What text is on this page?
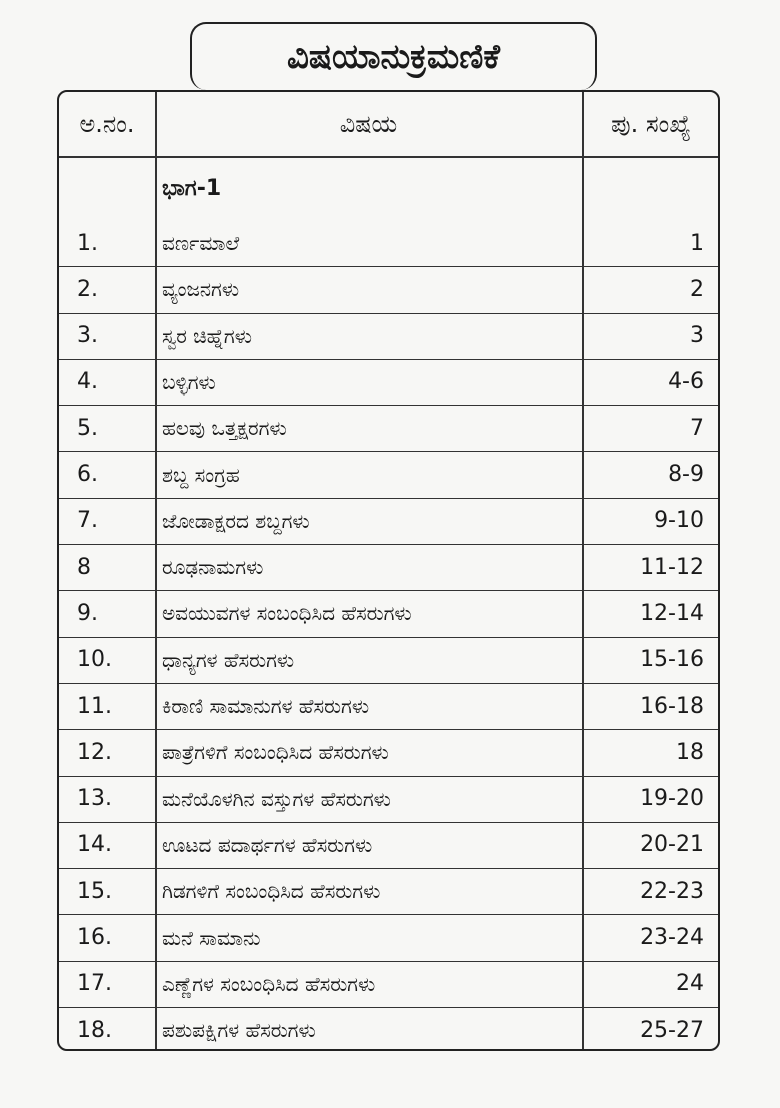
ವಿಷಯಾನುಕ್ರಮಣಿಕೆ
ಅ.ನಂ.	ವಿಷಯ	ಪು. ಸಂಖ್ಯೆ
ಭಾಗ-1
1.	ವರ್ಣಮಾಲೆ	1
2.	ವ್ಯಂಜನಗಳು	2
3.	ಸ್ವರ ಚಿಹ್ನೆಗಳು	3
4.	ಬಳ್ಳಿಗಳು	4-6
5.	ಹಲವು ಒತ್ತಕ್ಷರಗಳು	7
6.	ಶಬ್ದ ಸಂಗ್ರಹ	8-9
7.	ಜೋಡಾಕ್ಷರದ ಶಬ್ದಗಳು	9-10
8	ರೂಢನಾಮಗಳು	11-12
9.	ಅವಯುವಗಳ ಸಂಬಂಧಿಸಿದ ಹೆಸರುಗಳು	12-14
10.	ಧಾನ್ಯಗಳ ಹೆಸರುಗಳು	15-16
11.	ಕಿರಾಣಿ ಸಾಮಾನುಗಳ ಹೆಸರುಗಳು	16-18
12.	ಪಾತ್ರೆಗಳಿಗೆ ಸಂಬಂಧಿಸಿದ ಹೆಸರುಗಳು	18
13.	ಮನೆಯೊಳಗಿನ ವಸ್ತುಗಳ ಹೆಸರುಗಳು	19-20
14.	ಊಟದ ಪದಾರ್ಥಗಳ ಹೆಸರುಗಳು	20-21
15.	ಗಿಡಗಳಿಗೆ ಸಂಬಂಧಿಸಿದ ಹೆಸರುಗಳು	22-23
16.	ಮನೆ ಸಾಮಾನು	23-24
17.	ಎಣ್ಣೆಗಳ ಸಂಬಂಧಿಸಿದ ಹೆಸರುಗಳು	24
18.	ಪಶುಪಕ್ಷಿಗಳ ಹೆಸರುಗಳು	25-27
